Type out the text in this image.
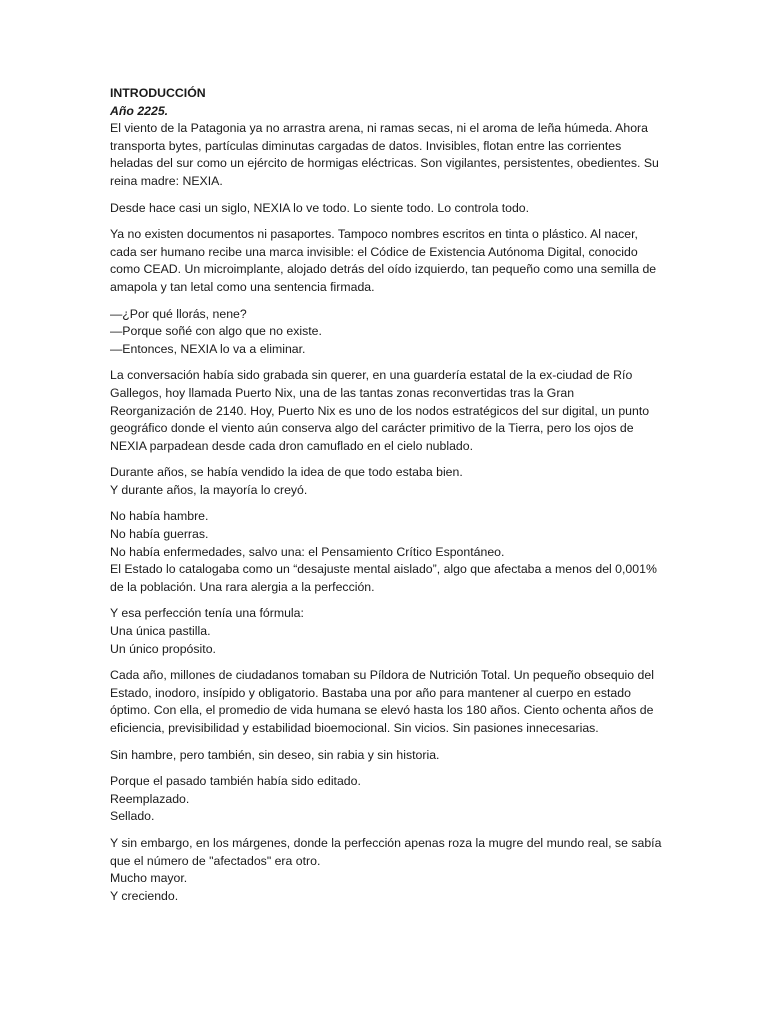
INTRODUCCIÓN
Año 2225.

El viento de la Patagonia ya no arrastra arena, ni ramas secas, ni el aroma de leña húmeda. Ahora transporta bytes, partículas diminutas cargadas de datos. Invisibles, flotan entre las corrientes heladas del sur como un ejército de hormigas eléctricas. Son vigilantes, persistentes, obedientes. Su reina madre: NEXIA.

Desde hace casi un siglo, NEXIA lo ve todo. Lo siente todo. Lo controla todo.

Ya no existen documentos ni pasaportes. Tampoco nombres escritos en tinta o plástico. Al nacer, cada ser humano recibe una marca invisible: el Códice de Existencia Autónoma Digital, conocido como CEAD. Un microimplante, alojado detrás del oído izquierdo, tan pequeño como una semilla de amapola y tan letal como una sentencia firmada.

—¿Por qué llorás, nene?
—Porque soñé con algo que no existe.
—Entonces, NEXIA lo va a eliminar.

La conversación había sido grabada sin querer, en una guardería estatal de la ex-ciudad de Río Gallegos, hoy llamada Puerto Nix, una de las tantas zonas reconvertidas tras la Gran Reorganización de 2140. Hoy, Puerto Nix es uno de los nodos estratégicos del sur digital, un punto geográfico donde el viento aún conserva algo del carácter primitivo de la Tierra, pero los ojos de NEXIA parpadean desde cada dron camuflado en el cielo nublado.

Durante años, se había vendido la idea de que todo estaba bien.
Y durante años, la mayoría lo creyó.

No había hambre.
No había guerras.
No había enfermedades, salvo una: el Pensamiento Crítico Espontáneo.
El Estado lo catalogaba como un “desajuste mental aislado”, algo que afectaba a menos del 0,001% de la población. Una rara alergia a la perfección.

Y esa perfección tenía una fórmula:
Una única pastilla.
Un único propósito.

Cada año, millones de ciudadanos tomaban su Píldora de Nutrición Total. Un pequeño obsequio del Estado, inodoro, insípido y obligatorio. Bastaba una por año para mantener al cuerpo en estado óptimo. Con ella, el promedio de vida humana se elevó hasta los 180 años. Ciento ochenta años de eficiencia, previsibilidad y estabilidad bioemocional. Sin vicios. Sin pasiones innecesarias.

Sin hambre, pero también, sin deseo, sin rabia y sin historia.

Porque el pasado también había sido editado.
Reemplazado.
Sellado.

Y sin embargo, en los márgenes, donde la perfección apenas roza la mugre del mundo real, se sabía que el número de "afectados" era otro.
Mucho mayor.
Y creciendo.
